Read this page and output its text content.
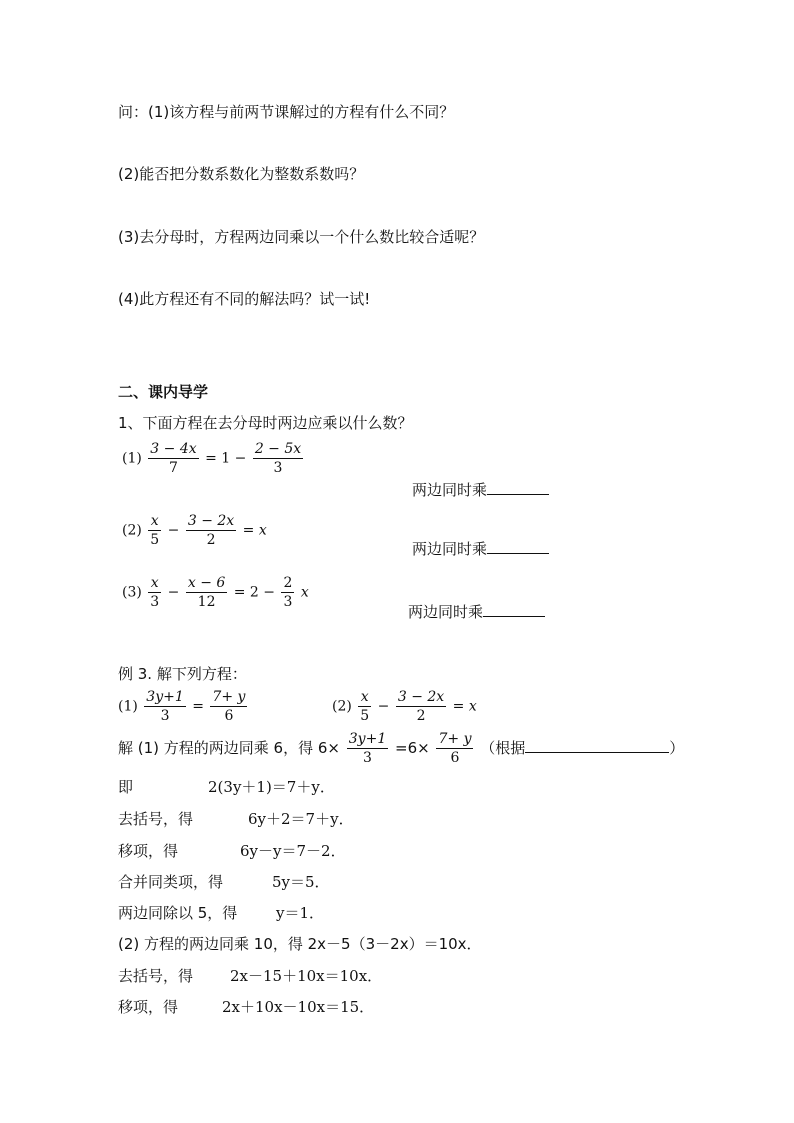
问：(1)该方程与前两节课解过的方程有什么不同？
(2)能否把分数系数化为整数系数吗？
(3)去分母时，方程两边同乘以一个什么数比较合适呢？
(4)此方程还有不同的解法吗？试一试!
二、课内导学
1、下面方程在去分母时两边应乘以什么数？
$(1) \frac{3 - 4x}{7} = 1 - \frac{2 - 5x}{3}$
两边同时乘
$(2) \frac{x}{5} - \frac{3 - 2x}{2} = x$
两边同时乘
$(3) \frac{x}{3} - \frac{x - 6}{12} = 2 - \frac{2}{3}$ x
两边同时乘
例 3. 解下列方程：
$(1) \frac{3y+1}{3} = \frac{7+ y}{6}$	$(2) \frac{x}{5} - \frac{3 - 2x}{2} = x$
解 (1) 方程的两边同乘 6，得 $6\times \frac{3y+1}{3} =6\times \frac{7+ y}{6}$ （根据	）
即	2(3y＋1)＝7＋y．
去括号，得	6y＋2＝7＋y．
移项，得	6y－y＝7－2．
合并同类项，得	5y＝5．
两边同除以 5，得	y＝1．
(2) 方程的两边同乘 10，得 2x－5（3－2x）＝10x．
去括号，得 2x－15＋10x＝10x．
移项，得	2x＋10x－10x＝15．
